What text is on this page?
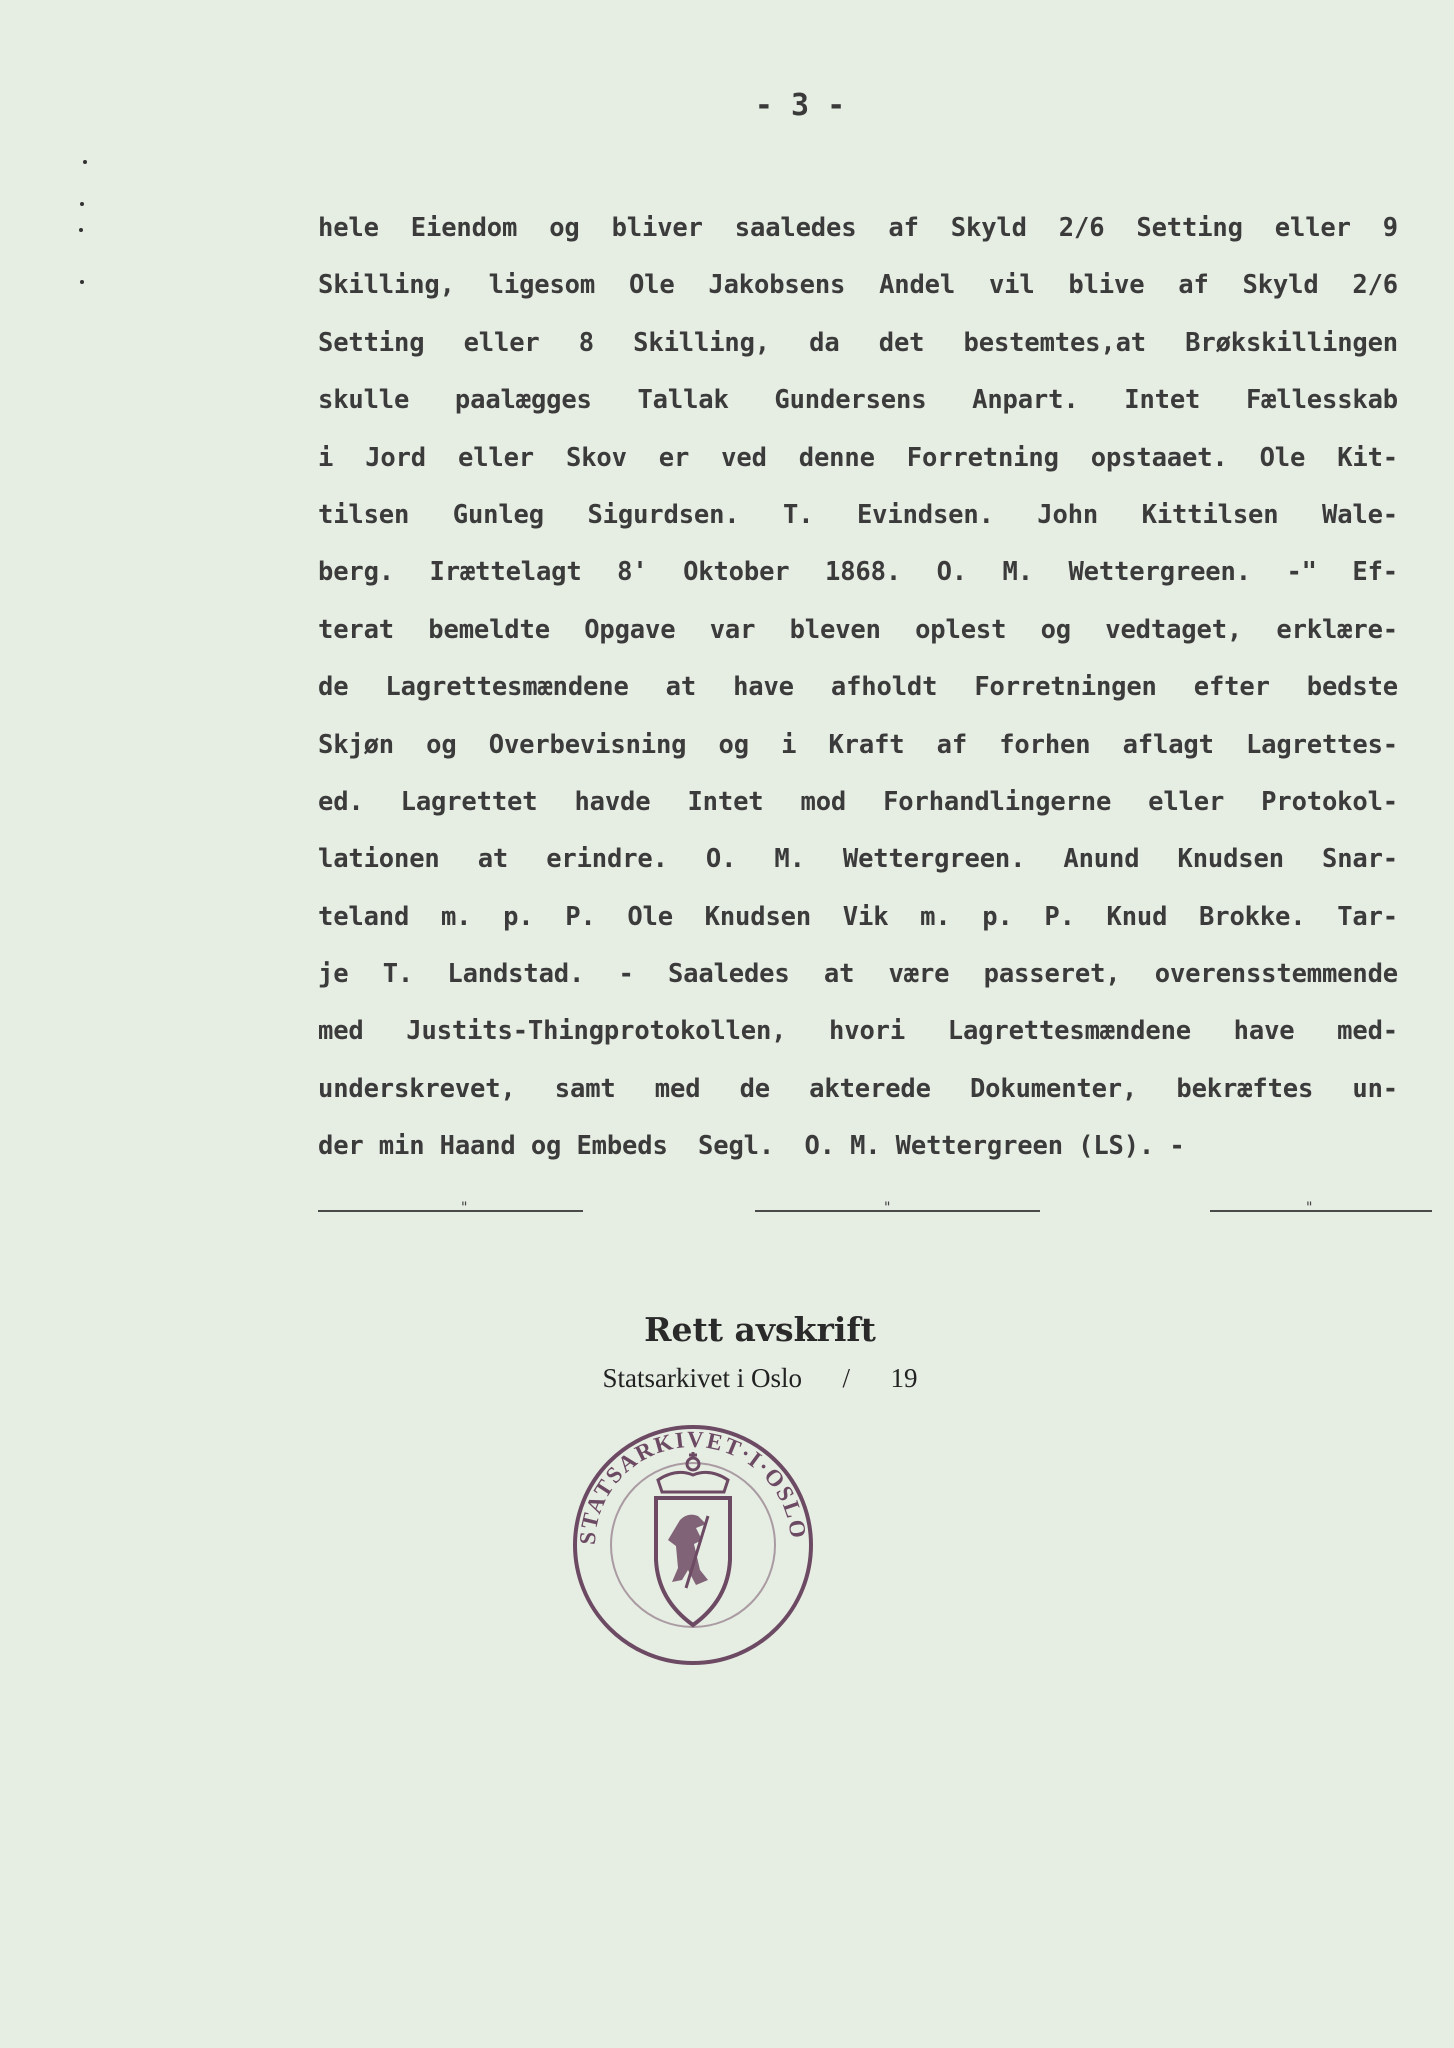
- 3 -
hele Eiendom og bliver saaledes af Skyld 2/6 Setting eller 9
Skilling, ligesom Ole Jakobsens Andel vil blive af Skyld 2/6
Setting eller 8 Skilling, da det bestemtes,at Brøkskillingen
skulle paalægges Tallak Gundersens Anpart. Intet Fællesskab
i Jord eller Skov er ved denne Forretning opstaaet. Ole Kit-
tilsen Gunleg Sigurdsen. T. Evindsen. John Kittilsen Wale-
berg. Irættelagt 8' Oktober 1868. O. M. Wettergreen. -" Ef-
terat bemeldte Opgave var bleven oplest og vedtaget, erklære-
de Lagrettesmændene at have afholdt Forretningen efter bedste
Skjøn og Overbevisning og i Kraft af forhen aflagt Lagrettes-
ed. Lagrettet havde Intet mod Forhandlingerne eller Protokol-
lationen at erindre. O. M. Wettergreen. Anund Knudsen Snar-
teland m. p. P. Ole Knudsen Vik m. p. P. Knud Brokke. Tar-
je T. Landstad. - Saaledes at være passeret, overensstemmende
med Justits-Thingprotokollen, hvori Lagrettesmændene have med-
underskrevet, samt med de akterede Dokumenter, bekræftes un-
der min Haand og Embeds  Segl.  O. M. Wettergreen (LS). -
"	"	"
Rett avskrift
Statsarkivet i Oslo      /      19
STATSARKIVET·I·OSLO
